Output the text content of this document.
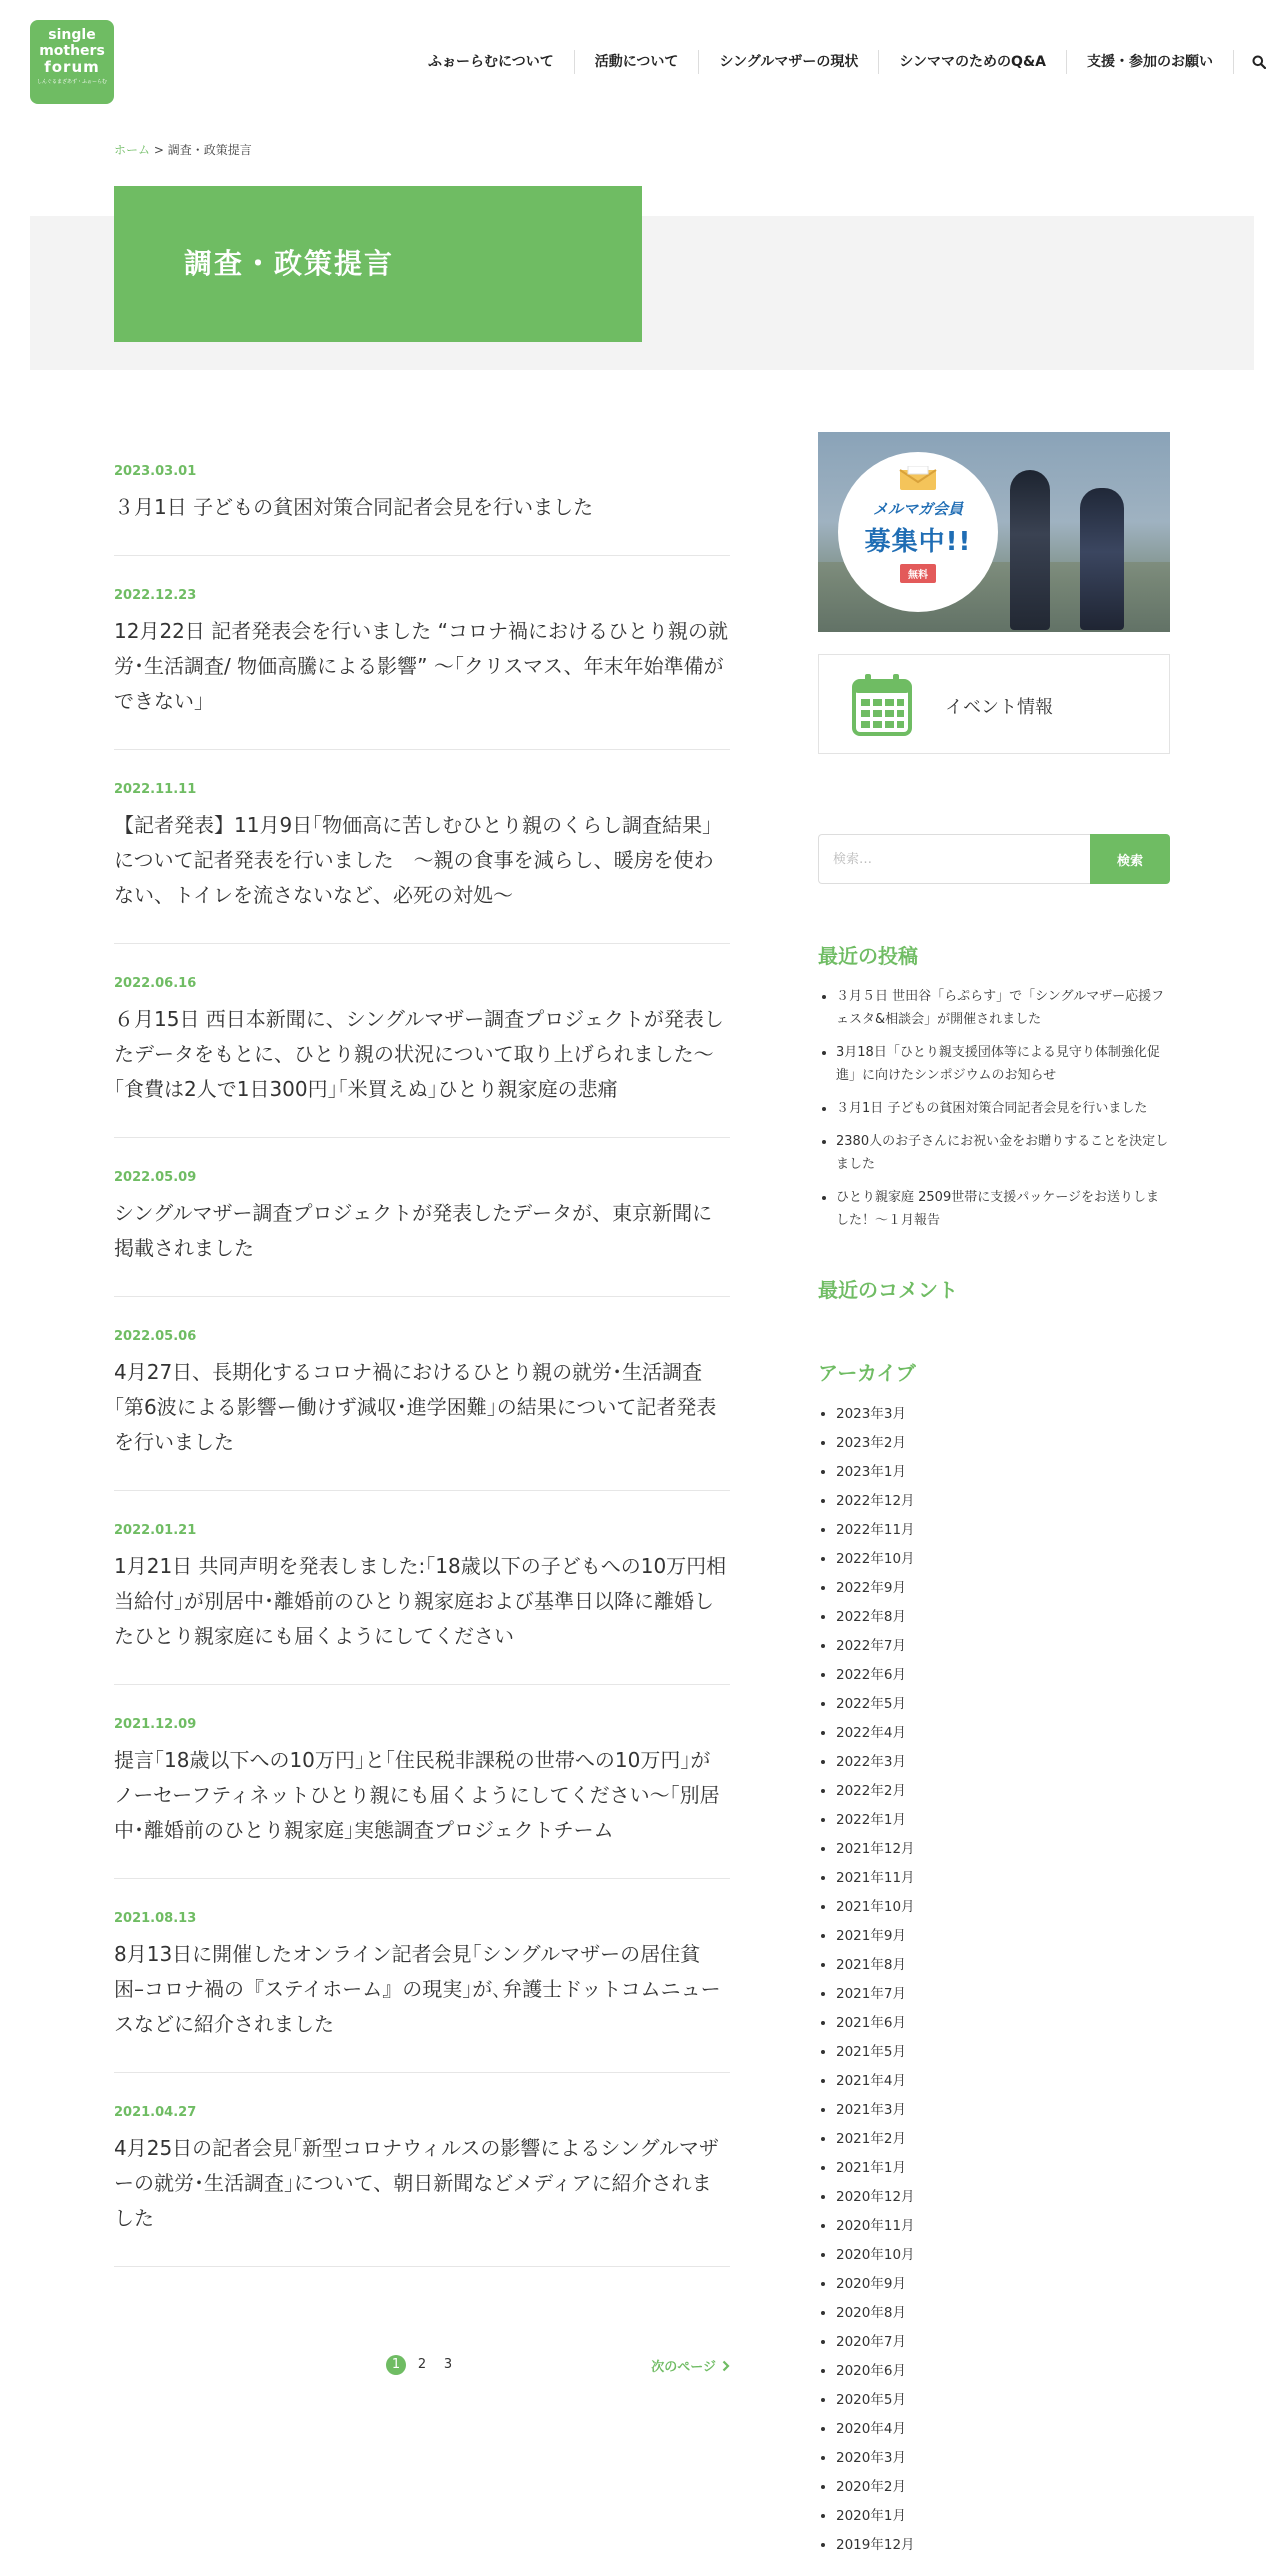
single
mothers
forum
しんぐるまざあず・ふぉーらむ
ふぉーらむについて	活動について	シングルマザーの現状	シンママのためのQ&A	支援・参加のお願い
ホーム > 調査・政策提言
調査・政策提言
2023.03.01
３月1日 子どもの貧困対策合同記者会見を行いました
2022.12.23
12月22日 記者発表会を行いました “コロナ禍におけるひとり親の就労･生活調査/ 物価高騰による影響” ～｢クリスマス、年末年始準備ができない｣
2022.11.11
【記者発表】11月9日｢物価高に苦しむひとり親のくらし調査結果｣について記者発表を行いました　～親の食事を減らし、暖房を使わない、トイレを流さないなど、必死の対処～
2022.06.16
６月15日 西日本新聞に、シングルマザー調査プロジェクトが発表したデータをもとに、ひとり親の状況について取り上げられました～｢食費は2人で1日300円｣｢米買えぬ｣ひとり親家庭の悲痛
2022.05.09
シングルマザー調査プロジェクトが発表したデータが、東京新聞に掲載されました
2022.05.06
4月27日、長期化するコロナ禍におけるひとり親の就労･生活調査｢第6波による影響ー働けず減収･進学困難｣の結果について記者発表を行いました
2022.01.21
1月21日 共同声明を発表しました:｢18歳以下の子どもへの10万円相当給付｣が別居中･離婚前のひとり親家庭および基準日以降に離婚したひとり親家庭にも届くようにしてください
2021.12.09
提言｢18歳以下への10万円｣と｢住民税非課税の世帯への10万円｣がノーセーフティネットひとり親にも届くようにしてください～｢別居中･離婚前のひとり親家庭｣実態調査プロジェクトチーム
2021.08.13
8月13日に開催したオンライン記者会見｢シングルマザーの居住貧困–コロナ禍の『ステイホーム』の現実｣が､弁護士ドットコムニュースなどに紹介されました
2021.04.27
4月25日の記者会見｢新型コロナウィルスの影響によるシングルマザーの就労･生活調査｣について、朝日新聞などメディアに紹介されました
1	2	3	次のページ
メルマガ会員
募集中!!
無料
イベント情報
検索…
検索
最近の投稿
• ３月５日 世田谷「らぷらす」で「シングルマザー応援フェスタ&相談会」が開催されました
• 3月18日「ひとり親支援団体等による見守り体制強化促進」に向けたシンポジウムのお知らせ
• ３月1日 子どもの貧困対策合同記者会見を行いました
• 2380人のお子さんにお祝い金をお贈りすることを決定しました
• ひとり親家庭 2509世帯に支援パッケージをお送りしました！～１月報告
最近のコメント
アーカイブ
• 2023年3月
• 2023年2月
• 2023年1月
• 2022年12月
• 2022年11月
• 2022年10月
• 2022年9月
• 2022年8月
• 2022年7月
• 2022年6月
• 2022年5月
• 2022年4月
• 2022年3月
• 2022年2月
• 2022年1月
• 2021年12月
• 2021年11月
• 2021年10月
• 2021年9月
• 2021年8月
• 2021年7月
• 2021年6月
• 2021年5月
• 2021年4月
• 2021年3月
• 2021年2月
• 2021年1月
• 2020年12月
• 2020年11月
• 2020年10月
• 2020年9月
• 2020年8月
• 2020年7月
• 2020年6月
• 2020年5月
• 2020年4月
• 2020年3月
• 2020年2月
• 2020年1月
• 2019年12月
